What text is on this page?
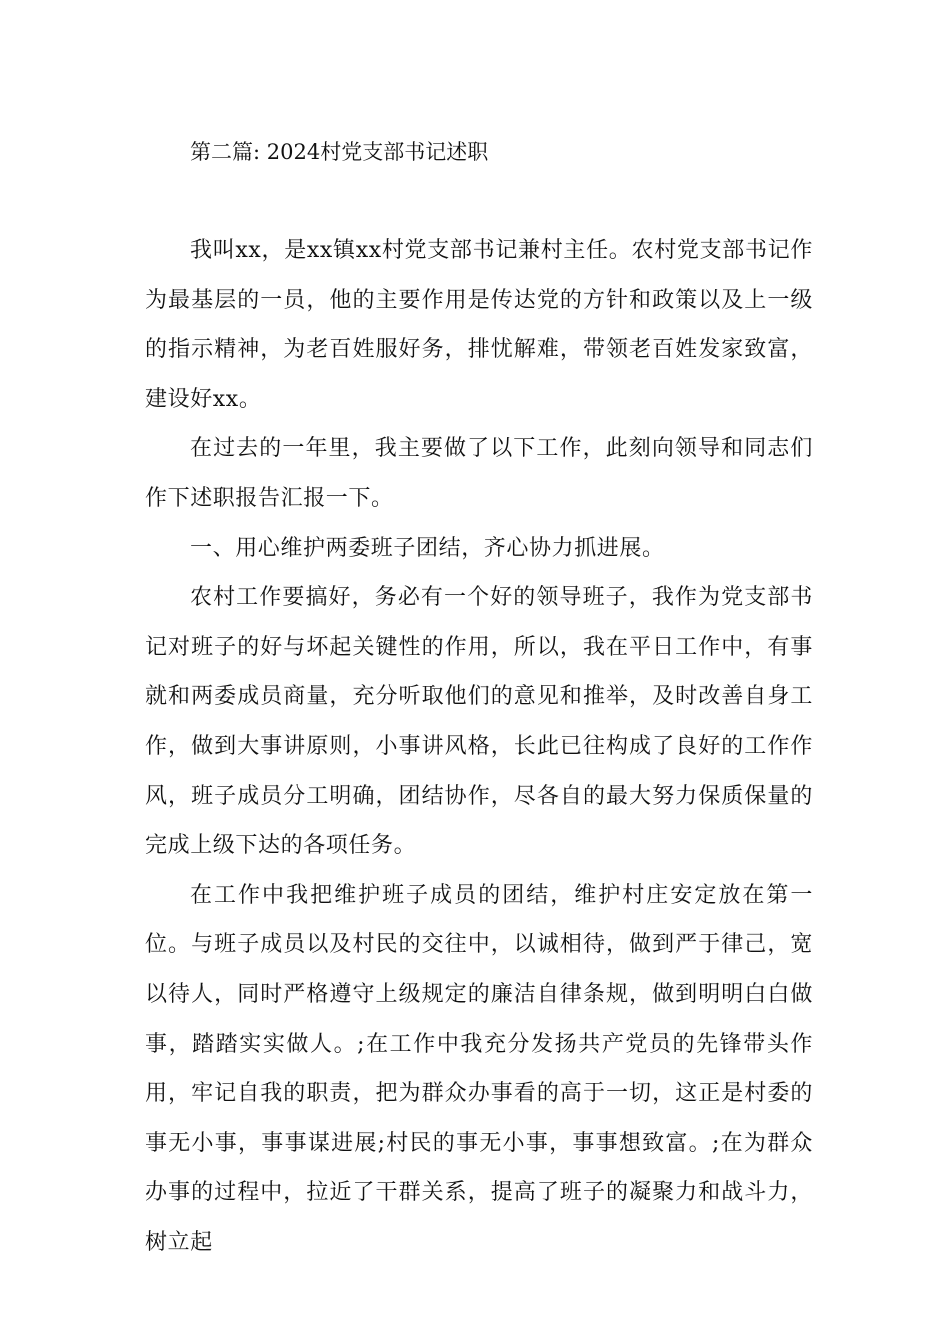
第二篇: 2024村党支部书记述职

我叫xx，是xx镇xx村党支部书记兼村主任。农村党支部书记作为最基层的一员，他的主要作用是传达党的方针和政策以及上一级的指示精神，为老百姓服好务，排忧解难，带领老百姓发家致富，建设好xx。

在过去的一年里，我主要做了以下工作，此刻向领导和同志们作下述职报告汇报一下。

一、用心维护两委班子团结，齐心协力抓进展。

农村工作要搞好，务必有一个好的领导班子，我作为党支部书记对班子的好与坏起关键性的作用，所以，我在平日工作中，有事就和两委成员商量，充分听取他们的意见和推举，及时改善自身工作，做到大事讲原则，小事讲风格，长此已往构成了良好的工作作风，班子成员分工明确，团结协作，尽各自的最大努力保质保量的完成上级下达的各项任务。

在工作中我把维护班子成员的团结，维护村庄安定放在第一位。与班子成员以及村民的交往中，以诚相待，做到严于律己，宽以待人，同时严格遵守上级规定的廉洁自律条规，做到明明白白做事，踏踏实实做人。;在工作中我充分发扬共产党员的先锋带头作用，牢记自我的职责，把为群众办事看的高于一切，这正是村委的事无小事，事事谋进展;村民的事无小事，事事想致富。;在为群众办事的过程中，拉近了干群关系，提高了班子的凝聚力和战斗力，树立起
